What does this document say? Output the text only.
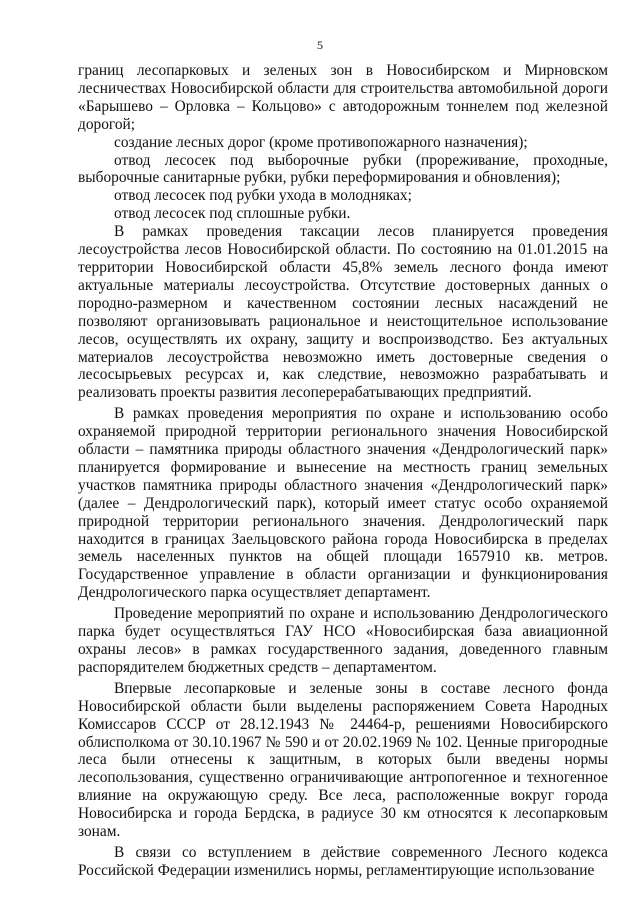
5

границ лесопарковых и зеленых зон в Новосибирском и Мирновском лесничествах Новосибирской области для строительства автомобильной дороги «Барышево – Орловка – Кольцово» с автодорожным тоннелем под железной дорогой;

создание лесных дорог (кроме противопожарного назначения);

отвод лесосек под выборочные рубки (прореживание, проходные, выборочные санитарные рубки, рубки переформирования и обновления);

отвод лесосек под рубки ухода в молодняках;

отвод лесосек под сплошные рубки.

В рамках проведения таксации лесов планируется проведения лесоустройства лесов Новосибирской области. По состоянию на 01.01.2015 на территории Новосибирской области 45,8% земель лесного фонда имеют актуальные материалы лесоустройства. Отсутствие достоверных данных о породно-размерном и качественном состоянии лесных насаждений не позволяют организовывать рациональное и неистощительное использование лесов, осуществлять их охрану, защиту и воспроизводство. Без актуальных материалов лесоустройства невозможно иметь достоверные сведения о лесосырьевых ресурсах и, как следствие, невозможно разрабатывать и реализовать проекты развития лесоперерабатывающих предприятий.

В рамках проведения мероприятия по охране и использованию особо охраняемой природной территории регионального значения Новосибирской области – памятника природы областного значения «Дендрологический парк» планируется формирование и вынесение на местность границ земельных участков памятника природы областного значения «Дендрологический парк» (далее – Дендрологический парк), который имеет статус особо охраняемой природной территории регионального значения. Дендрологический парк находится в границах Заельцовского района города Новосибирска в пределах земель населенных пунктов на общей площади 1657910 кв. метров. Государственное управление в области организации и функционирования Дендрологического парка осуществляет департамент.

Проведение мероприятий по охране и использованию Дендрологического парка будет осуществляться ГАУ НСО «Новосибирская база авиационной охраны лесов» в рамках государственного задания, доведенного главным распорядителем бюджетных средств – департаментом.

Впервые лесопарковые и зеленые зоны в составе лесного фонда Новосибирской области были выделены распоряжением Совета Народных Комиссаров СССР от 28.12.1943 № 24464-р, решениями Новосибирского облисполкома от 30.10.1967 № 590 и от 20.02.1969 № 102. Ценные пригородные леса были отнесены к защитным, в которых были введены нормы лесопользования, существенно ограничивающие антропогенное и техногенное влияние на окружающую среду. Все леса, расположенные вокруг города Новосибирска и города Бердска, в радиусе 30 км относятся к лесопарковым зонам.

В связи со вступлением в действие современного Лесного кодекса Российской Федерации изменились нормы, регламентирующие использование
